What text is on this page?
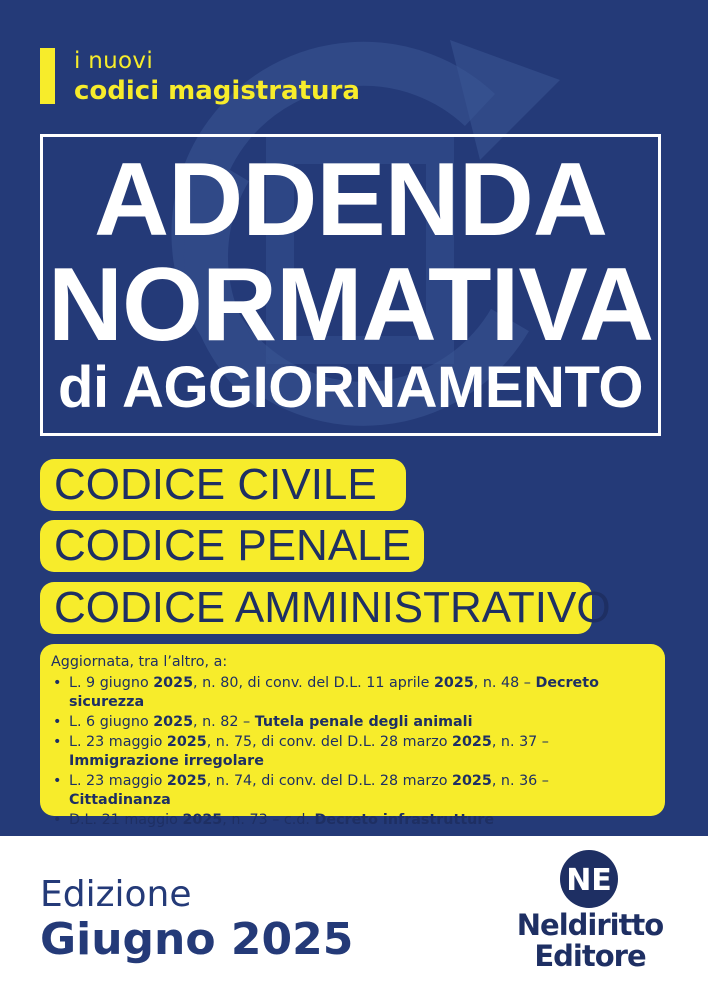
i nuovi
codici magistratura
ADDENDA
NORMATIVA
di AGGIORNAMENTO
CODICE CIVILE
CODICE PENALE
CODICE AMMINISTRATIVO
Aggiornata, tra l’altro, a:
• L. 9 giugno 2025, n. 80, di conv. del D.L. 11 aprile 2025, n. 48 – Decreto sicurezza
• L. 6 giugno 2025, n. 82 – Tutela penale degli animali
• L. 23 maggio 2025, n. 75, di conv. del D.L. 28 marzo 2025, n. 37 – Immigrazione irregolare
• L. 23 maggio 2025, n. 74, di conv. del D.L. 28 marzo 2025, n. 36 – Cittadinanza
• D.L. 21 maggio 2025, n. 73 – c.d. Decreto infrastrutture
Edizione
Giugno 2025
NE
Neldiritto
Editore
